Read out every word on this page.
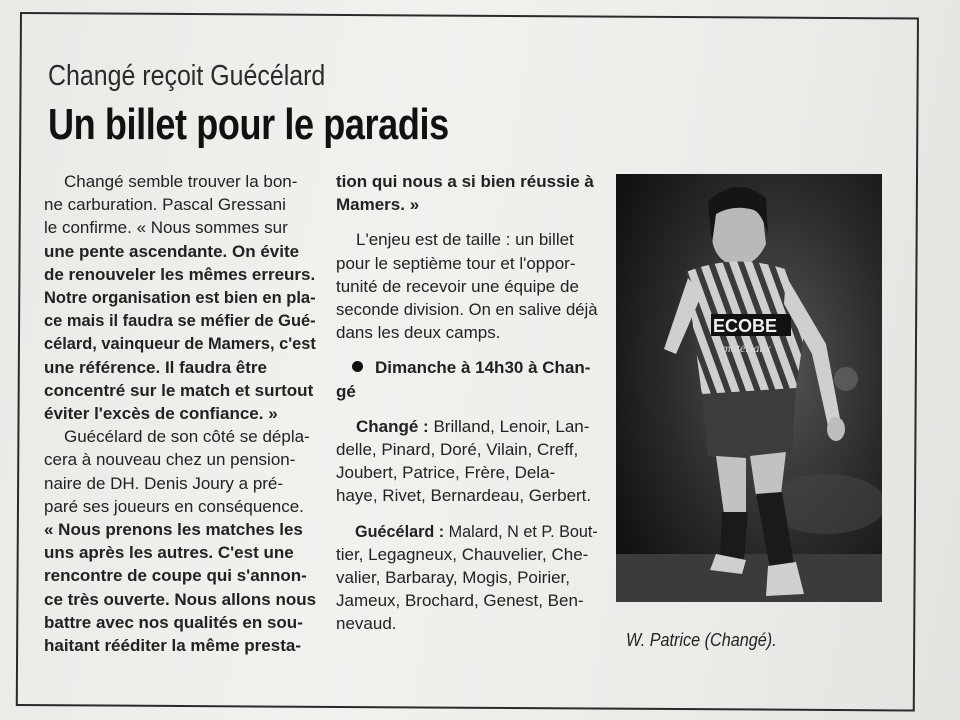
Changé reçoit Guécélard
Un billet pour le paradis
Changé semble trouver la bon-
ne carburation. Pascal Gressani
le confirme. « Nous sommes sur
une pente ascendante. On évite
de renouveler les mêmes erreurs.
Notre organisation est bien en pla-
ce mais il faudra se méfier de Gué-
célard, vainqueur de Mamers, c'est
une référence. Il faudra être
concentré sur le match et surtout
éviter l'excès de confiance. »
Guécélard de son côté se dépla-
cera à nouveau chez un pension-
naire de DH. Denis Joury a pré-
paré ses joueurs en conséquence.
« Nous prenons les matches les
uns après les autres. C'est une
rencontre de coupe qui s'annon-
ce très ouverte. Nous allons nous
battre avec nos qualités en sou-
haitant rééditer la même presta-
tion qui nous a si bien réussie à
Mamers. »
L'enjeu est de taille : un billet
pour le septième tour et l'oppor-
tunité de recevoir une équipe de
seconde division. On en salive déjà
dans les deux camps.
Dimanche à 14h30 à Chan-
gé
Changé : Brilland, Lenoir, Lan-
delle, Pinard, Doré, Vilain, Creff,
Joubert, Patrice, Frère, Dela-
haye, Rivet, Bernardeau, Gerbert.
Guécélard : Malard, N et P. Bout-
tier, Legagneux, Chauvelier, Che-
valier, Barbaray, Mogis, Poirier,
Jameux, Brochard, Genest, Ben-
nevaud.
ECOBE
matériaux
W. Patrice (Changé).
